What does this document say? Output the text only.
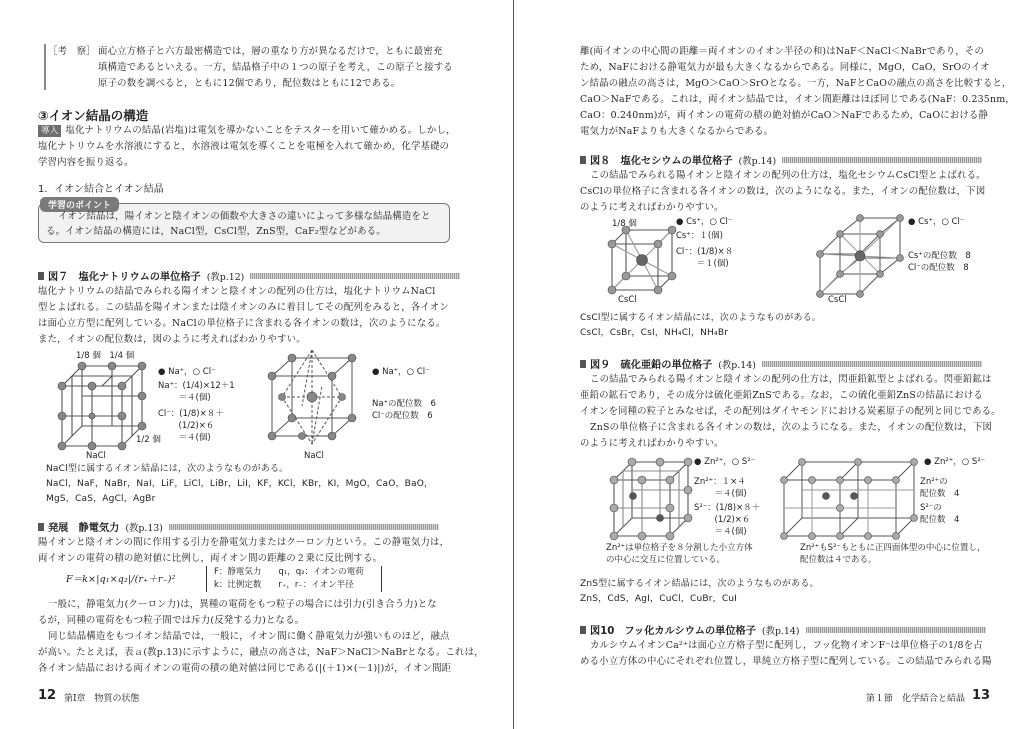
［考　察］ 面心立方格子と六方最密構造では，層の重なり方が異なるだけで，ともに最密充
填構造であるといえる。一方，結晶格子中の１つの原子を考え，この原子と接する
原子の数を調べると，ともに12個であり，配位数はともに12である。
③イオン結晶の構造
導入 塩化ナトリウムの結晶(岩塩)は電気を導かないことをテスターを用いて確かめる。しかし，
塩化ナトリウムを水溶液にすると，水溶液は電気を導くことを電極を入れて確かめ，化学基礎の
学習内容を振り返る。
1．イオン結合とイオン結晶
学習のポイント
イオン結晶は，陽イオンと陰イオンの価数や大きさの違いによって多様な結晶構造をと
る。イオン結晶の構造には，NaCl型，CsCl型，ZnS型，CaF₂型などがある。
図７　塩化ナトリウムの単位格子 (教p.12)
塩化ナトリウムの結晶でみられる陽イオンと陰イオンの配列の仕方は，塩化ナトリウムNaCl
型とよばれる。この結晶を陽イオンまたは陰イオンのみに着目してその配列をみると，各イオン
は面心立方型に配列している。NaClの単位格子に含まれる各イオンの数は，次のようになる。
また，イオンの配位数は，図のように考えればわかりやすい。
1/8 個　1/4 個
1/2 個
NaCl
● Na⁺，○ Cl⁻
Na⁺：(1/4)×12＋1
　＝４(個)
Cl⁻：(1/8)×８＋
　(1/2)×６
　＝４(個)
NaCl
● Na⁺，○ Cl⁻
Na⁺の配位数　6
Cl⁻の配位数　6
NaCl型に属するイオン結晶には，次のようなものがある。
NaCl，NaF，NaBr，NaI，LiF，LiCl，LiBr，LiI，KF，KCl，KBr，KI，MgO，CaO，BaO，
MgS，CaS，AgCl，AgBr
発展　静電気力 (教p.13)
陽イオンと陰イオンの間に作用する引力を静電気力またはクーロン力という。この静電気力は，
両イオンの電荷の積の絶対値に比例し，両イオン間の距離の２乗に反比例する。
F＝k×|q₁×q₂|/(r₊＋r₋)²
F：静電気力　　q₁，q₂：イオンの電荷
k：比例定数　　r₊，r₋：イオン半径
一般に，静電気力(クーロン力)は，異種の電荷をもつ粒子の場合には引力(引き合う力)とな
るが，同種の電荷をもつ粒子間では斥力(反発する力)となる。
同じ結晶構造をもつイオン結晶では，一般に，イオン間に働く静電気力が強いものほど，融点
が高い。たとえば，表ａ(教p.13)に示すように，融点の高さは，NaF＞NaCl＞NaBrとなる。これは，
各イオン結晶における両イオンの電荷の積の絶対値は同じである(|(＋1)×(－1)|)が，イオン間距
12 第Ⅰ章　物質の状態
離(両イオンの中心間の距離＝両イオンのイオン半径の和)はNaF＜NaCl＜NaBrであり，その
ため，NaFにおける静電気力が最も大きくなるからである。同様に，MgO，CaO，SrOのイオ
ン結晶の融点の高さは，MgO＞CaO＞SrOとなる。一方，NaFとCaOの融点の高さを比較すると，
CaO＞NaFである。これは，両イオン結晶では，イオン間距離はほぼ同じである(NaF：0.235nm，
CaO：0.240nm)が，両イオンの電荷の積の絶対値がCaO＞NaFであるため，CaOにおける静
電気力がNaFよりも大きくなるからである。
図８　塩化セシウムの単位格子 (教p.14)
この結晶でみられる陽イオンと陰イオンの配列の仕方は，塩化セシウムCsCl型とよばれる。
CsClの単位格子に含まれる各イオンの数は，次のようになる。また，イオンの配位数は，下図
のように考えればわかりやすい。
1/8 個
CsCl
● Cs⁺，○ Cl⁻
Cs⁺：１(個)
Cl⁻：(1/8)×８
　＝１(個)
CsCl
● Cs⁺，○ Cl⁻
Cs⁺の配位数　8
Cl⁻の配位数　8
CsCl型に属するイオン結晶には，次のようなものがある。
CsCl，CsBr，CsI，NH₄Cl，NH₄Br
図９　硫化亜鉛の単位格子 (教p.14)
この結晶でみられる陽イオンと陰イオンの配列の仕方は，閃亜鉛鉱型とよばれる。閃亜鉛鉱は
亜鉛の鉱石であり，その成分は硫化亜鉛ZnSである。なお，この硫化亜鉛ZnSの結晶における
イオンを同種の粒子とみなせば，その配列はダイヤモンドにおける炭素原子の配列と同じである。
ZnSの単位格子に含まれる各イオンの数は，次のようになる。また，イオンの配位数は，下図
のように考えればわかりやすい。
● Zn²⁺，○ S²⁻
Zn²⁺：１×４
　＝４(個)
S²⁻：(1/8)×８＋
　(1/2)×６
　＝４(個)
Zn²⁺は単位格子を８分割した小立方体
の中心に交互に位置している。
● Zn²⁺，○ S²⁻
Zn²⁺の
配位数　4
S²⁻の
配位数　4
Zn²⁺もS²⁻もともに正四面体型の中心に位置し，
配位数は４である。
ZnS型に属するイオン結晶には，次のようなものがある。
ZnS，CdS，AgI，CuCl，CuBr，CuI
図10　フッ化カルシウムの単位格子 (教p.14)
カルシウムイオンCa²⁺は面心立方格子型に配列し，フッ化物イオンF⁻は単位格子の1/8を占
める小立方体の中心にそれぞれ位置し，単純立方格子型に配列している。この結晶でみられる陽
第１節　化学結合と結晶 13
